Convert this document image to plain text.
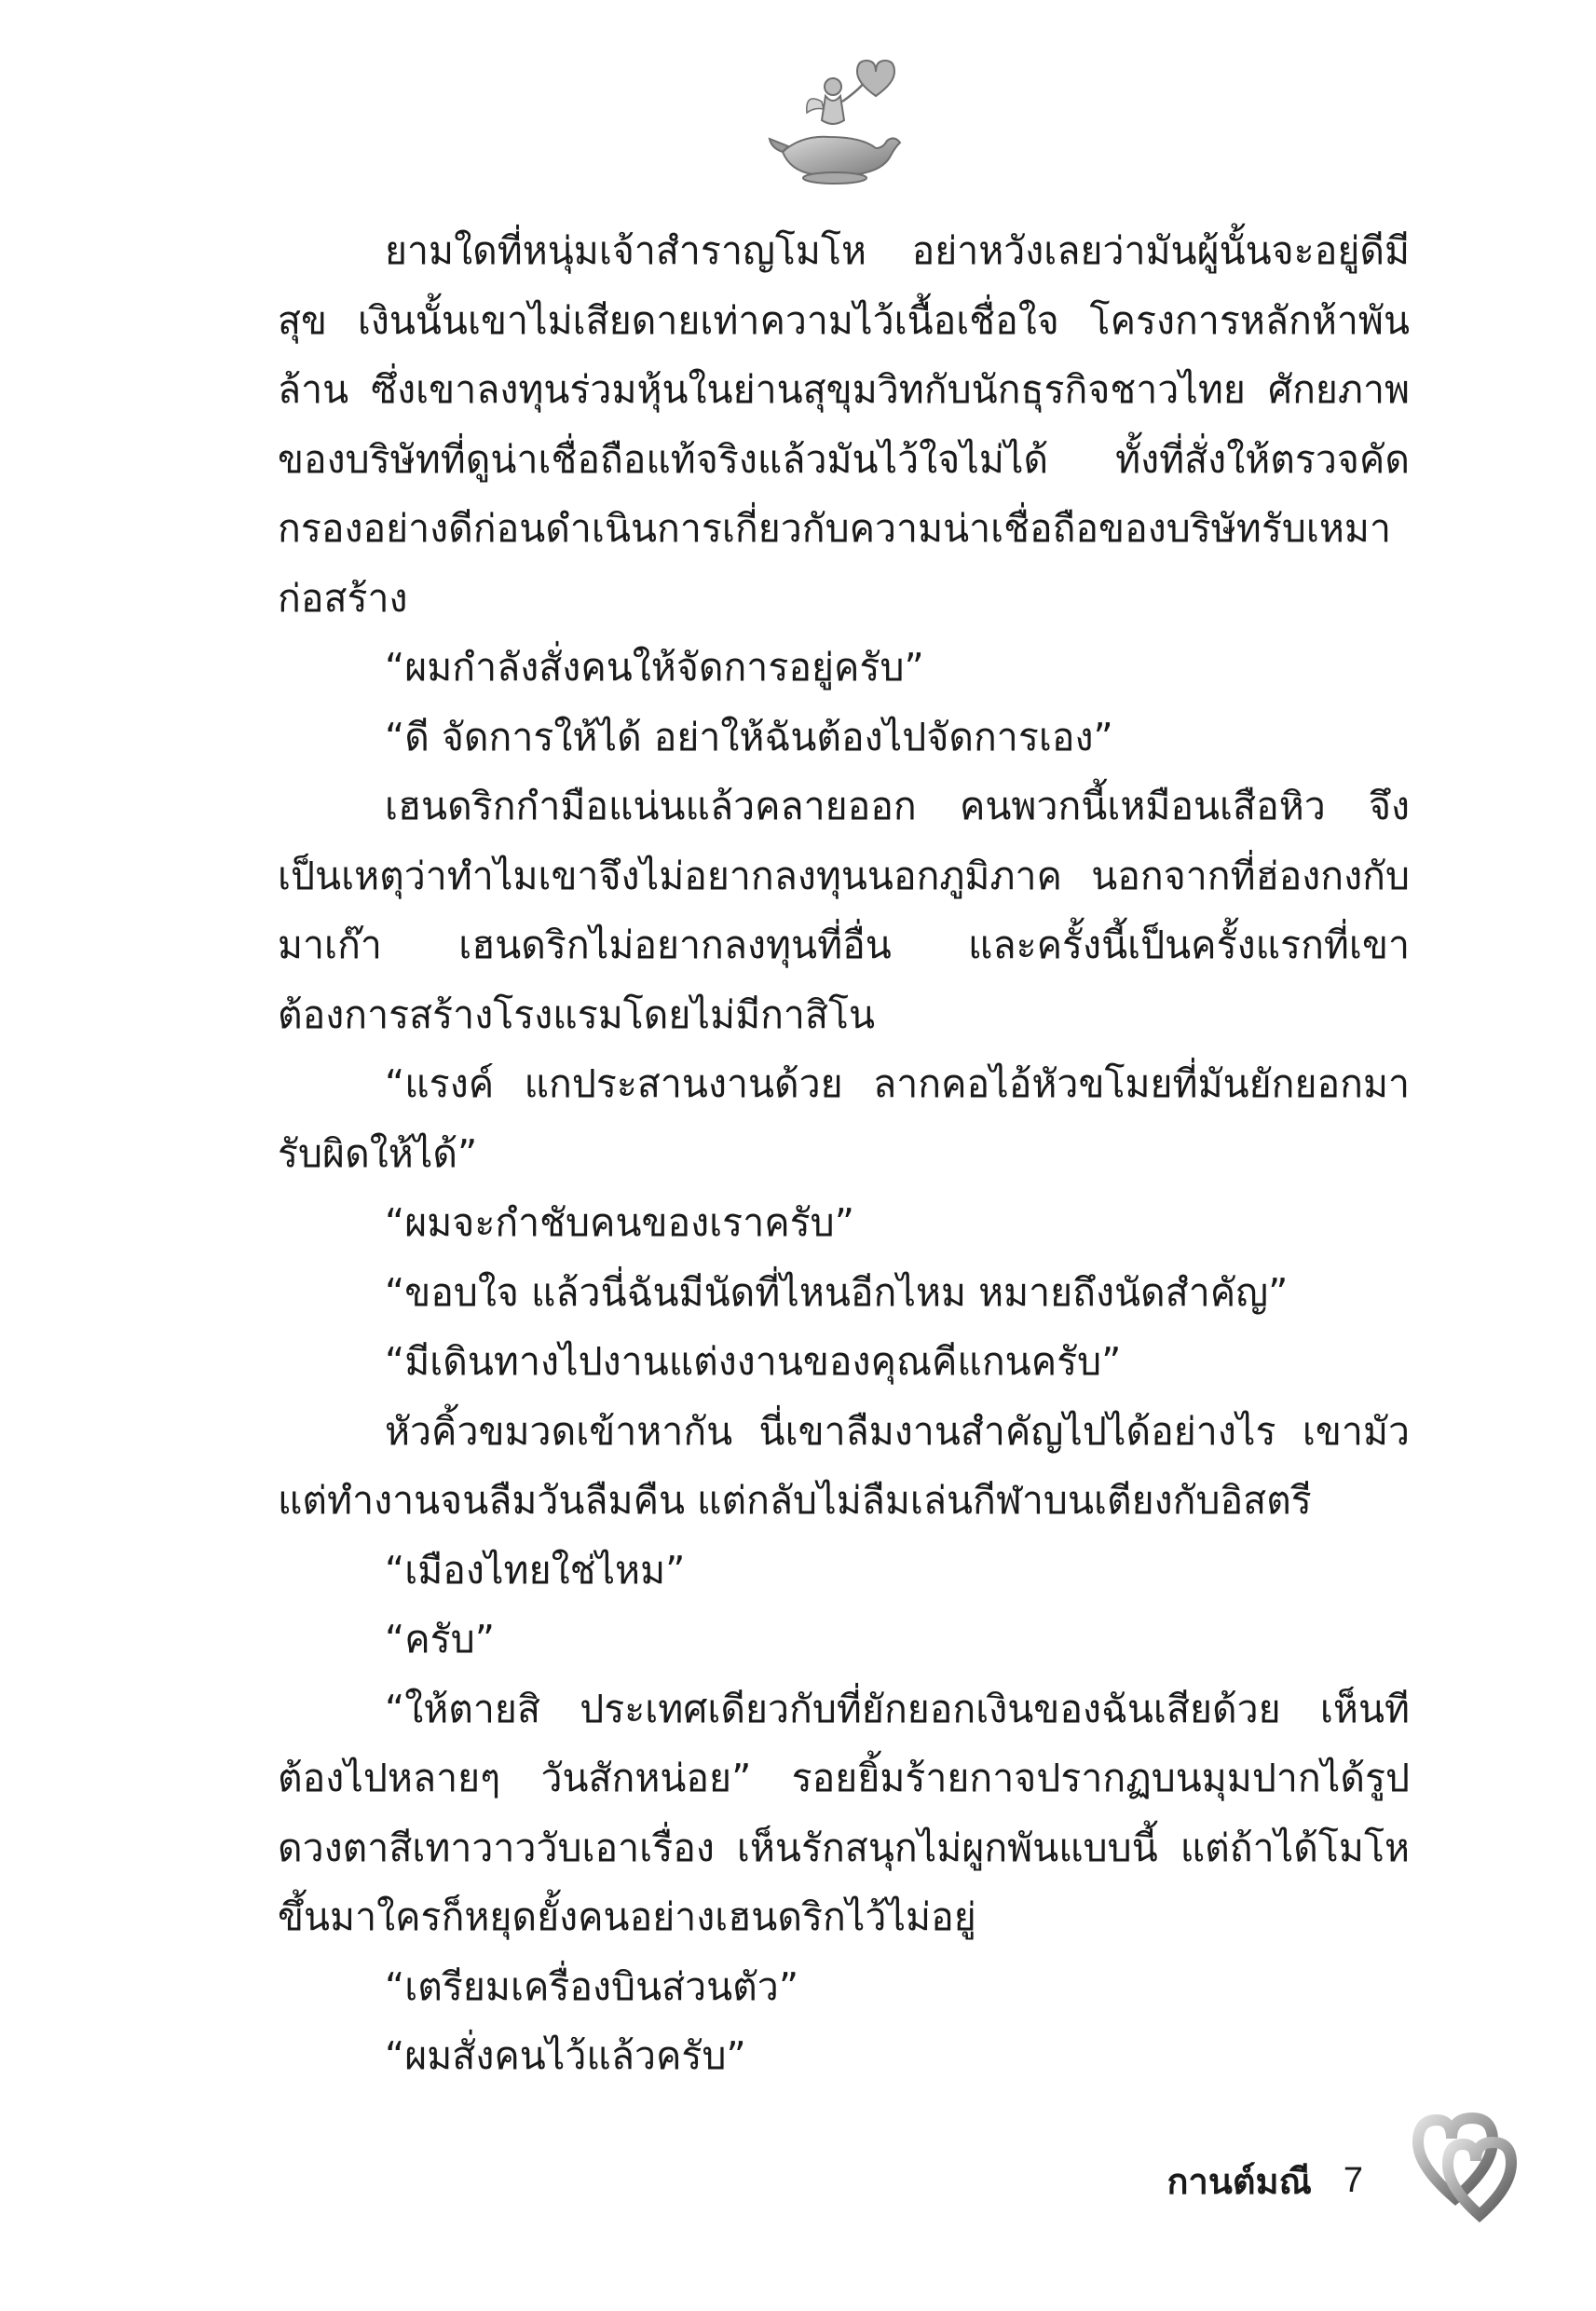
ยามใดที่หนุ่มเจ้าสำราญโมโห อย่าหวังเลยว่ามันผู้นั้นจะอยู่ดีมีสุข เงินนั้นเขาไม่เสียดายเท่าความไว้เนื้อเชื่อใจ โครงการหลักห้าพันล้าน ซึ่งเขาลงทุนร่วมหุ้นในย่านสุขุมวิทกับนักธุรกิจชาวไทย ศักยภาพของบริษัทที่ดูน่าเชื่อถือแท้จริงแล้วมันไว้ใจไม่ได้ ทั้งที่สั่งให้ตรวจคัดกรองอย่างดีก่อนดำเนินการเกี่ยวกับความน่าเชื่อถือของบริษัทรับเหมาก่อสร้าง

“ผมกำลังสั่งคนให้จัดการอยู่ครับ”

“ดี จัดการให้ได้ อย่าให้ฉันต้องไปจัดการเอง”

เฮนดริกกำมือแน่นแล้วคลายออก คนพวกนี้เหมือนเสือหิว จึงเป็นเหตุว่าทำไมเขาจึงไม่อยากลงทุนนอกภูมิภาค นอกจากที่ฮ่องกงกับมาเก๊า เฮนดริกไม่อยากลงทุนที่อื่น และครั้งนี้เป็นครั้งแรกที่เขาต้องการสร้างโรงแรมโดยไม่มีกาสิโน

“แรงค์ แกประสานงานด้วย ลากคอไอ้หัวขโมยที่มันยักยอกมารับผิดให้ได้”

“ผมจะกำชับคนของเราครับ”

“ขอบใจ แล้วนี่ฉันมีนัดที่ไหนอีกไหม หมายถึงนัดสำคัญ”

“มีเดินทางไปงานแต่งงานของคุณคีแกนครับ”

หัวคิ้วขมวดเข้าหากัน นี่เขาลืมงานสำคัญไปได้อย่างไร เขามัวแต่ทำงานจนลืมวันลืมคืน แต่กลับไม่ลืมเล่นกีฬาบนเตียงกับอิสตรี

“เมืองไทยใช่ไหม”

“ครับ”

“ให้ตายสิ ประเทศเดียวกับที่ยักยอกเงินของฉันเสียด้วย เห็นทีต้องไปหลายๆ วันสักหน่อย” รอยยิ้มร้ายกาจปรากฏบนมุมปากได้รูป ดวงตาสีเทาวาววับเอาเรื่อง เห็นรักสนุกไม่ผูกพันแบบนี้ แต่ถ้าได้โมโหขึ้นมาใครก็หยุดยั้งคนอย่างเฮนดริกไว้ไม่อยู่

“เตรียมเครื่องบินส่วนตัว”

“ผมสั่งคนไว้แล้วครับ”

กานต์มณี 7
